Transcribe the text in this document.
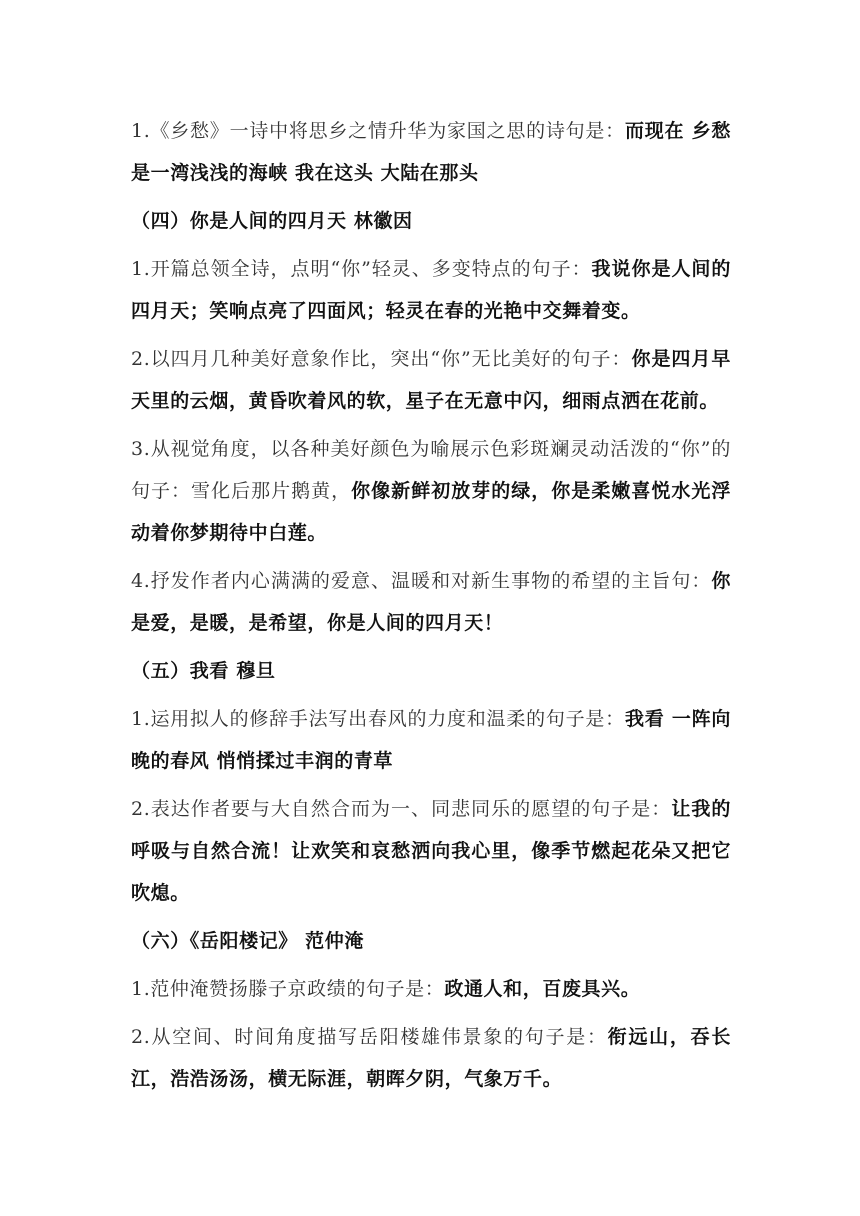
1.《乡愁》一诗中将思乡之情升华为家国之思的诗句是：而现在 乡愁是一湾浅浅的海峡 我在这头 大陆在那头

（四）你是人间的四月天 林徽因

1.开篇总领全诗，点明“你”轻灵、多变特点的句子：我说你是人间的四月天；笑响点亮了四面风；轻灵在春的光艳中交舞着变。

2.以四月几种美好意象作比，突出“你”无比美好的句子：你是四月早天里的云烟，黄昏吹着风的软，星子在无意中闪，细雨点洒在花前。

3.从视觉角度，以各种美好颜色为喻展示色彩斑斓灵动活泼的“你”的句子：雪化后那片鹅黄，你像新鲜初放芽的绿，你是柔嫩喜悦水光浮动着你梦期待中白莲。

4.抒发作者内心满满的爱意、温暖和对新生事物的希望的主旨句：你是爱，是暖，是希望，你是人间的四月天！

（五）我看 穆旦

1.运用拟人的修辞手法写出春风的力度和温柔的句子是：我看 一阵向晚的春风 悄悄揉过丰润的青草

2.表达作者要与大自然合而为一、同悲同乐的愿望的句子是：让我的呼吸与自然合流！让欢笑和哀愁洒向我心里，像季节燃起花朵又把它吹熄。

（六）《岳阳楼记》 范仲淹

1.范仲淹赞扬滕子京政绩的句子是：政通人和，百废具兴。

2.从空间、时间角度描写岳阳楼雄伟景象的句子是：衔远山，吞长江，浩浩汤汤，横无际涯，朝晖夕阴，气象万千。
